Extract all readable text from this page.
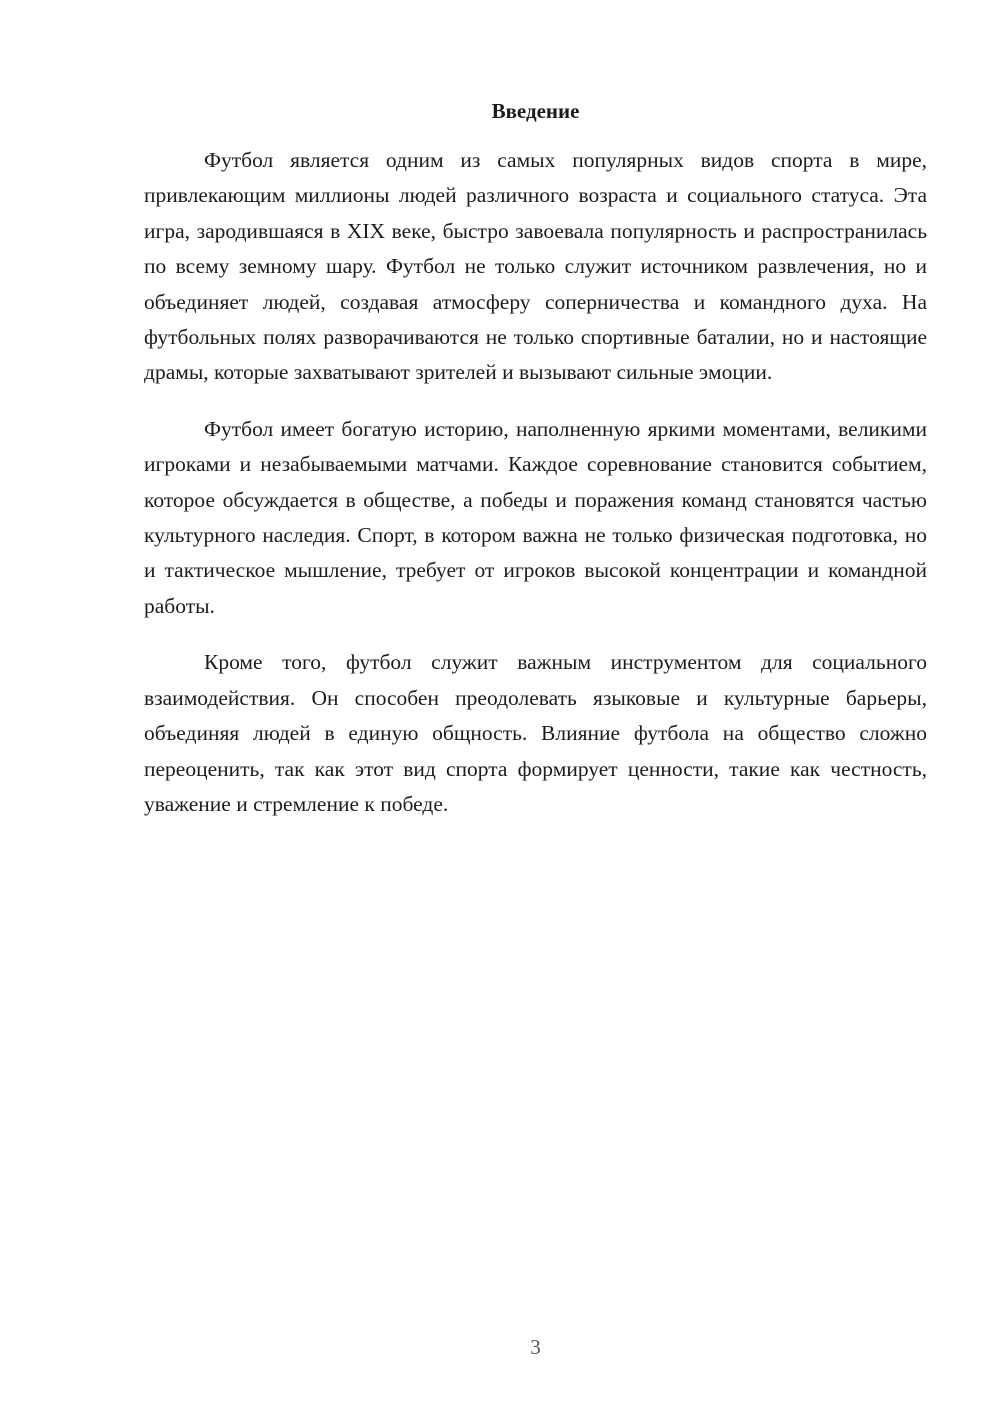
Введение

Футбол является одним из самых популярных видов спорта в мире, привлекающим миллионы людей различного возраста и социального статуса. Эта игра, зародившаяся в XIX веке, быстро завоевала популярность и распространилась по всему земному шару. Футбол не только служит источником развлечения, но и объединяет людей, создавая атмосферу соперничества и командного духа. На футбольных полях разворачиваются не только спортивные баталии, но и настоящие драмы, которые захватывают зрителей и вызывают сильные эмоции.

Футбол имеет богатую историю, наполненную яркими моментами, великими игроками и незабываемыми матчами. Каждое соревнование становится событием, которое обсуждается в обществе, а победы и поражения команд становятся частью культурного наследия. Спорт, в котором важна не только физическая подготовка, но и тактическое мышление, требует от игроков высокой концентрации и командной работы.

Кроме того, футбол служит важным инструментом для социального взаимодействия. Он способен преодолевать языковые и культурные барьеры, объединяя людей в единую общность. Влияние футбола на общество сложно переоценить, так как этот вид спорта формирует ценности, такие как честность, уважение и стремление к победе.

3
